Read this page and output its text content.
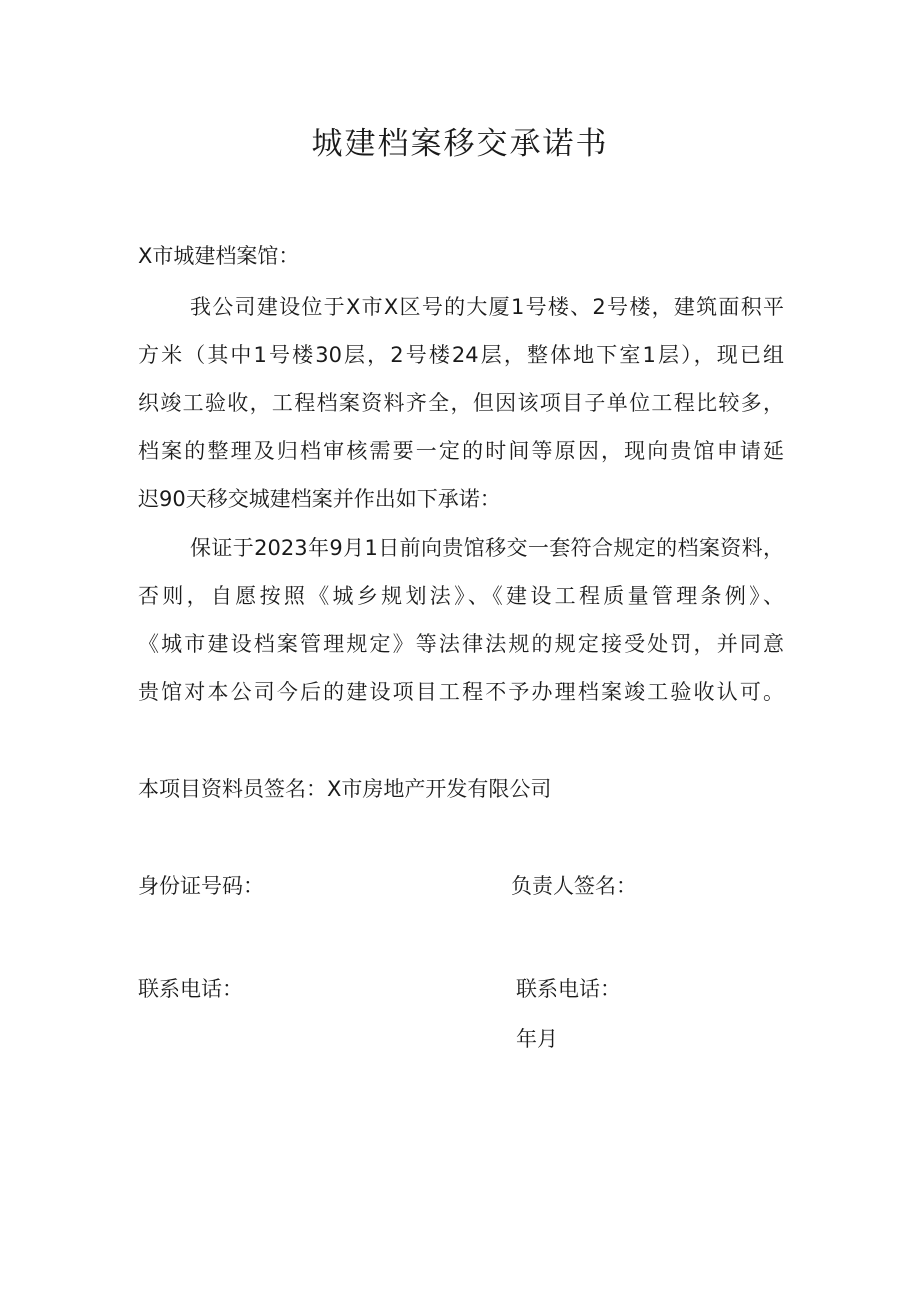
城建档案移交承诺书
X市城建档案馆：
我公司建设位于X市X区号的大厦1号楼、2号楼，建筑面积平
方米（其中1号楼30层，2号楼24层，整体地下室1层），现已组
织竣工验收，工程档案资料齐全，但因该项目子单位工程比较多，
档案的整理及归档审核需要一定的时间等原因，现向贵馆申请延
迟90天移交城建档案并作出如下承诺：
保证于2023年9月1日前向贵馆移交一套符合规定的档案资料，
否则，自愿按照《城乡规划法》、《建设工程质量管理条例》、
《城市建设档案管理规定》等法律法规的规定接受处罚，并同意
贵馆对本公司今后的建设项目工程不予办理档案竣工验收认可。
本项目资料员签名：X市房地产开发有限公司
身份证号码：	负责人签名：
联系电话：	联系电话：
年月
